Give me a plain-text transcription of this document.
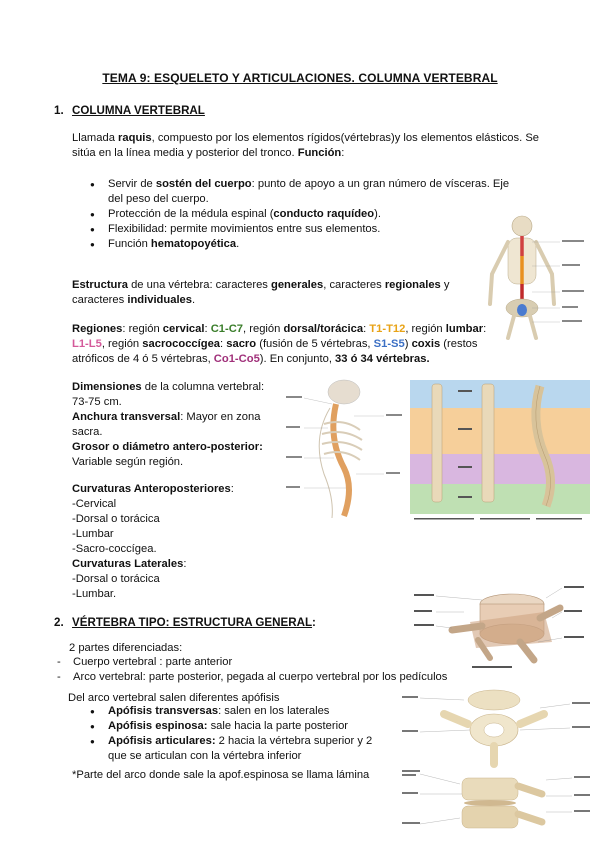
TEMA 9: ESQUELETO Y ARTICULACIONES. COLUMNA VERTEBRAL
1. COLUMNA VERTEBRAL

Llamada raquis, compuesto por los elementos rígidos(vértebras)y los elementos elásticos. Se sitúa en la línea media y posterior del tronco. Función:

● Servir de sostén del cuerpo: punto de apoyo a un gran número de vísceras. Eje del peso del cuerpo.
● Protección de la médula espinal (conducto raquídeo).
● Flexibilidad: permite movimientos entre sus elementos.
● Función hematopoyética.

Estructura de una vértebra: caracteres generales, caracteres regionales y caracteres individuales.

Regiones: región cervical: C1-C7, región dorsal/torácica: T1-T12, región lumbar: L1-L5, región sacrococcígea: sacro (fusión de 5 vértebras, S1-S5) coxis (restos atróficos de 4 ó 5 vértebras, Co1-Co5). En conjunto, 33 ó 34 vértebras.

Dimensiones de la columna vertebral: 73-75 cm.

Anchura transversal: Mayor en zona sacra.

Grosor o diámetro antero-posterior: Variable según región.

Curvaturas Anteroposteriores:

-Cervical

-Dorsal o torácica

-Lumbar

-Sacro-coccígea.

Curvaturas Laterales:

-Dorsal o torácica

-Lumbar.

2. VÉRTEBRA TIPO: ESTRUCTURA GENERAL:

2 partes diferenciadas:

- Cuerpo vertebral : parte anterior
- Arco vertebral: parte posterior, pegada al cuerpo vertebral por los pedículos

Del arco vertebral salen diferentes apófisis

● Apófisis transversas: salen en los laterales
● Apófisis espinosa: sale hacia la parte posterior
● Apófisis articulares: 2 hacia la vértebra superior y 2 que se articulan con la vértebra inferior

*Parte del arco donde sale la apof.espinosa se llama lámina
